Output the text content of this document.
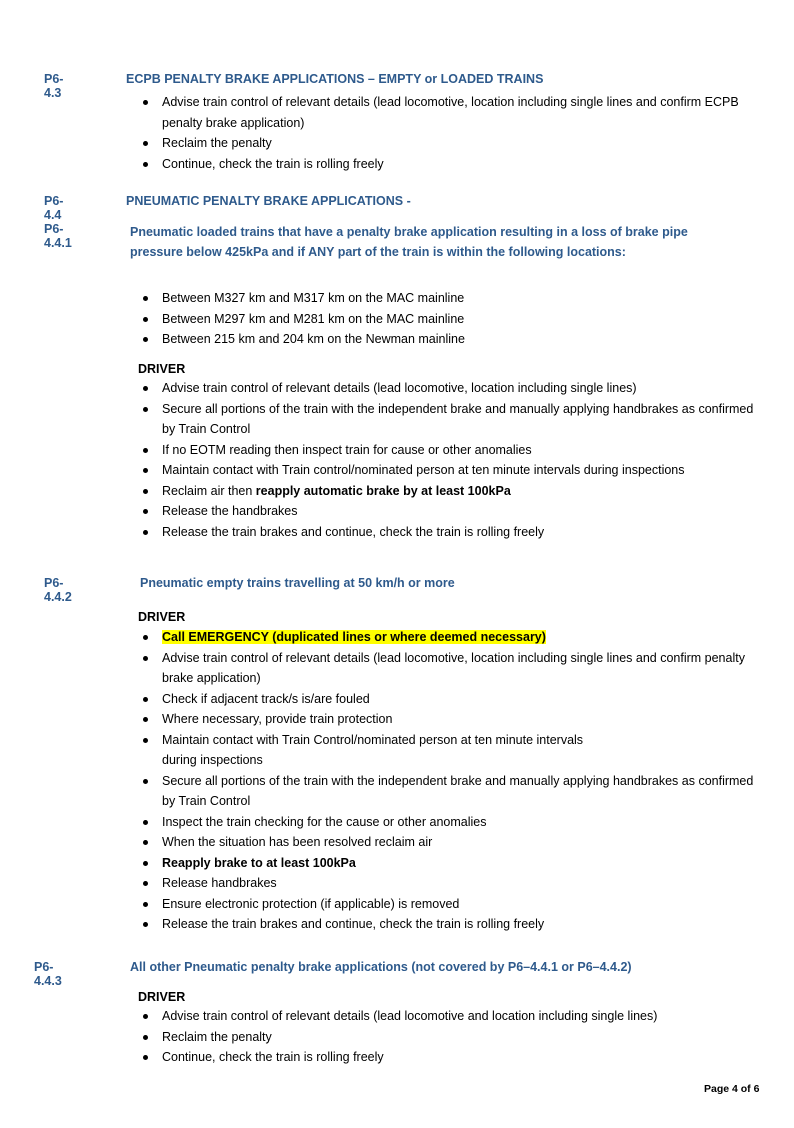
P6-4.3
ECPB PENALTY BRAKE APPLICATIONS – EMPTY or LOADED TRAINS
Advise train control of relevant details (lead locomotive, location including single lines and confirm ECPB penalty brake application)
Reclaim the penalty
Continue, check the train is rolling freely
P6-4.4
PNEUMATIC PENALTY BRAKE APPLICATIONS -
P6-4.4.1
Pneumatic loaded trains that have a penalty brake application resulting in a loss of brake pipe pressure below 425kPa and if ANY part of the train is within the following locations:
Between M327 km and M317 km on the MAC mainline
Between M297 km and M281 km on the MAC mainline
Between 215 km and 204 km on the Newman mainline
DRIVER
Advise train control of relevant details (lead locomotive, location including single lines)
Secure all portions of the train with the independent brake and manually applying handbrakes as confirmed by Train Control
If no EOTM reading then inspect train for cause or other anomalies
Maintain contact with Train control/nominated person at ten minute intervals during inspections
Reclaim air then reapply automatic brake by at least 100kPa
Release the handbrakes
Release the train brakes and continue, check the train is rolling freely
P6-4.4.2
Pneumatic empty trains travelling at 50 km/h or more
DRIVER
Call EMERGENCY (duplicated lines or where deemed necessary)
Advise train control of relevant details (lead locomotive, location including single lines and confirm penalty brake application)
Check if adjacent track/s is/are fouled
Where necessary, provide train protection
Maintain contact with Train Control/nominated person at ten minute intervals
during inspections
Secure all portions of the train with the independent brake and manually applying handbrakes as confirmed by Train Control
Inspect the train checking for the cause or other anomalies
When the situation has been resolved reclaim air
Reapply brake to at least 100kPa
Release handbrakes
Ensure electronic protection (if applicable) is removed
Release the train brakes and continue, check the train is rolling freely
P6-4.4.3
All other Pneumatic penalty brake applications (not covered by P6–4.4.1 or P6–4.4.2)
DRIVER
Advise train control of relevant details (lead locomotive and location including single lines)
Reclaim the penalty
Continue, check the train is rolling freely
Page 4 of 6
